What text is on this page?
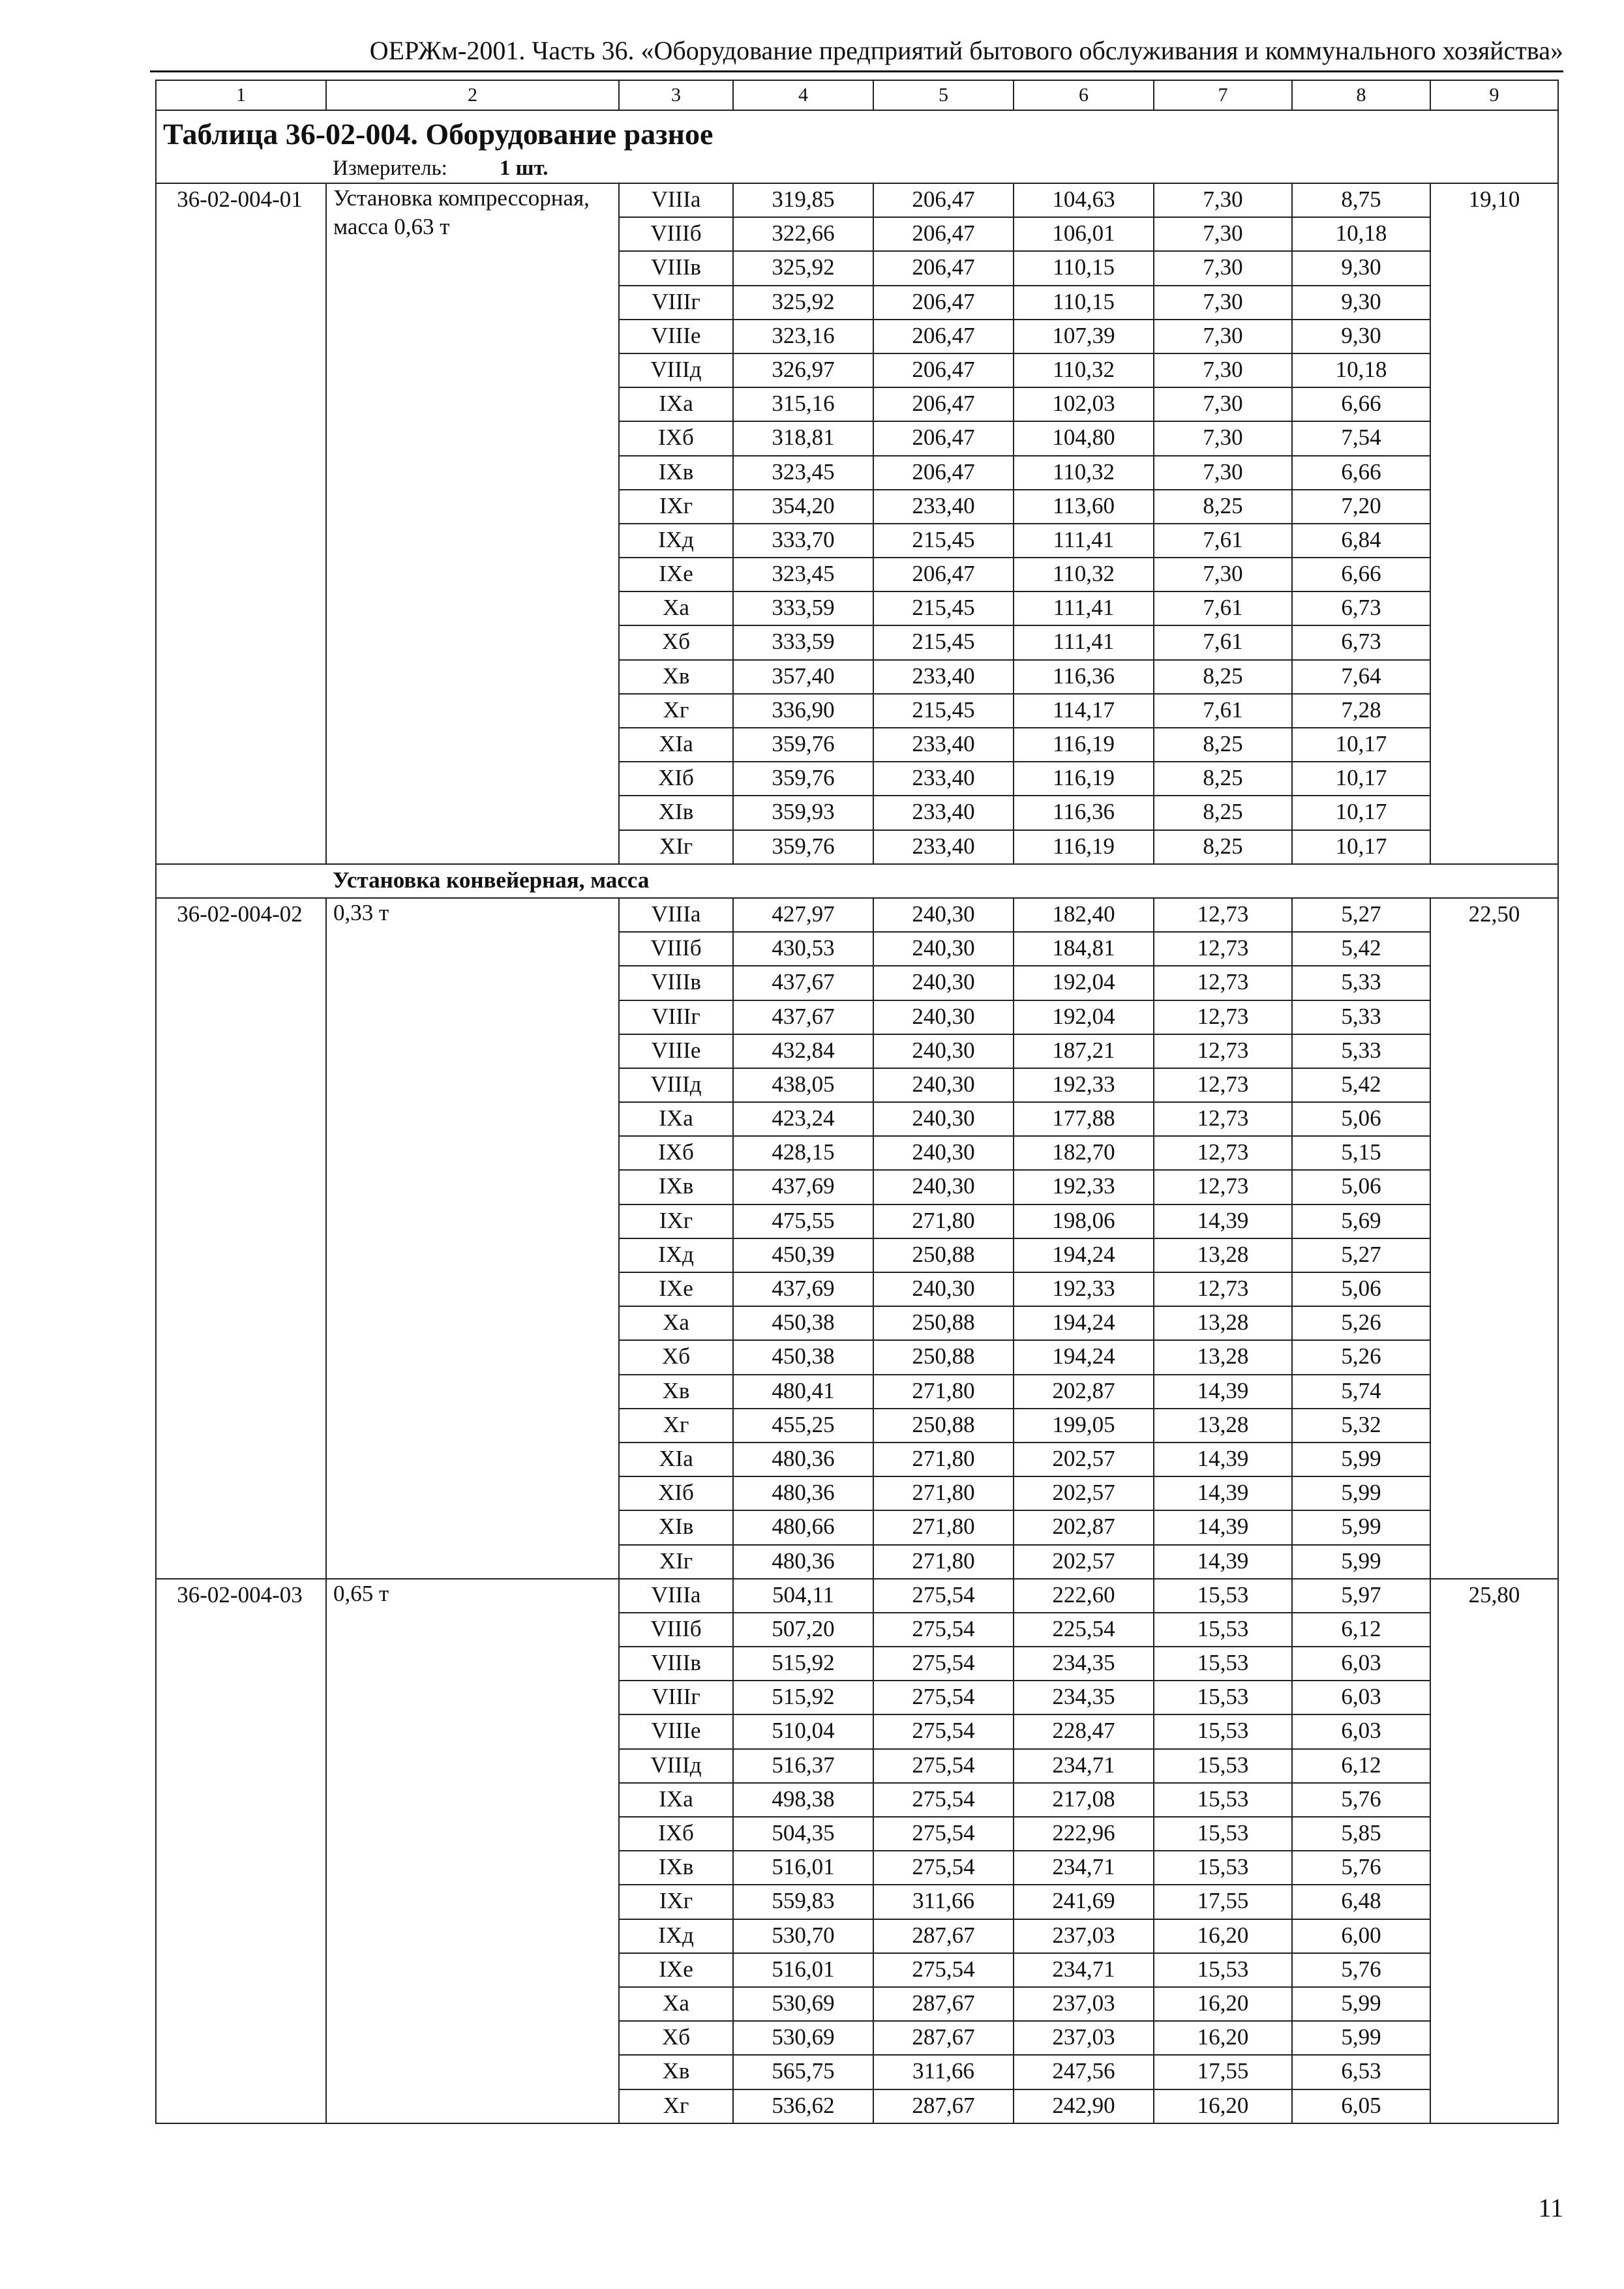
ОЕРЖм-2001. Часть 36. «Оборудование предприятий бытового обслуживания и коммунального хозяйства»
1	2	3	4	5	6	7	8	9

Таблица 36-02-004. Оборудование разное
Измеритель: 1 шт.								

36-02-004-01	Установка компрессорная, масса 0,63 т	VIIIа	319,85	206,47	104,63	7,30	8,75	19,10
		VIIIб	322,66	206,47	106,01	7,30	10,18	
		VIIIв	325,92	206,47	110,15	7,30	9,30	
		VIIIг	325,92	206,47	110,15	7,30	9,30	
		VIIIе	323,16	206,47	107,39	7,30	9,30	
		VIIIд	326,97	206,47	110,32	7,30	10,18	
		IXа	315,16	206,47	102,03	7,30	6,66	
		IXб	318,81	206,47	104,80	7,30	7,54	
		IXв	323,45	206,47	110,32	7,30	6,66	
		IXг	354,20	233,40	113,60	8,25	7,20	
		IXд	333,70	215,45	111,41	7,61	6,84	
		IXе	323,45	206,47	110,32	7,30	6,66	
		Xа	333,59	215,45	111,41	7,61	6,73	
		Xб	333,59	215,45	111,41	7,61	6,73	
		Xв	357,40	233,40	116,36	8,25	7,64	
		Xг	336,90	215,45	114,17	7,61	7,28	
		XIа	359,76	233,40	116,19	8,25	10,17	
		XIб	359,76	233,40	116,19	8,25	10,17	
		XIв	359,93	233,40	116,36	8,25	10,17	
		XIг	359,76	233,40	116,19	8,25	10,17	
	Установка конвейерная, масса							
36-02-004-02	0,33 т	VIIIа	427,97	240,30	182,40	12,73	5,27	22,50
		VIIIб	430,53	240,30	184,81	12,73	5,42	
		VIIIв	437,67	240,30	192,04	12,73	5,33	
		VIIIг	437,67	240,30	192,04	12,73	5,33	
		VIIIе	432,84	240,30	187,21	12,73	5,33	
		VIIIд	438,05	240,30	192,33	12,73	5,42	
		IXа	423,24	240,30	177,88	12,73	5,06	
		IXб	428,15	240,30	182,70	12,73	5,15	
		IXв	437,69	240,30	192,33	12,73	5,06	
		IXг	475,55	271,80	198,06	14,39	5,69	
		IXд	450,39	250,88	194,24	13,28	5,27	
		IXе	437,69	240,30	192,33	12,73	5,06	
		Xа	450,38	250,88	194,24	13,28	5,26	
		Xб	450,38	250,88	194,24	13,28	5,26	
		Xв	480,41	271,80	202,87	14,39	5,74	
		Xг	455,25	250,88	199,05	13,28	5,32	
		XIа	480,36	271,80	202,57	14,39	5,99	
		XIб	480,36	271,80	202,57	14,39	5,99	
		XIв	480,66	271,80	202,87	14,39	5,99	
		XIг	480,36	271,80	202,57	14,39	5,99	
36-02-004-03	0,65 т	VIIIа	504,11	275,54	222,60	15,53	5,97	25,80
		VIIIб	507,20	275,54	225,54	15,53	6,12	
		VIIIв	515,92	275,54	234,35	15,53	6,03	
		VIIIг	515,92	275,54	234,35	15,53	6,03	
		VIIIе	510,04	275,54	228,47	15,53	6,03	
		VIIIд	516,37	275,54	234,71	15,53	6,12	
		IXа	498,38	275,54	217,08	15,53	5,76	
		IXб	504,35	275,54	222,96	15,53	5,85	
		IXв	516,01	275,54	234,71	15,53	5,76	
		IXг	559,83	311,66	241,69	17,55	6,48	
		IXд	530,70	287,67	237,03	16,20	6,00	
		IXе	516,01	275,54	234,71	15,53	5,76	
		Xа	530,69	287,67	237,03	16,20	5,99	
		Xб	530,69	287,67	237,03	16,20	5,99	
		Xв	565,75	311,66	247,56	17,55	6,53	
		Xг	536,62	287,67	242,90	16,20	6,05	
11
